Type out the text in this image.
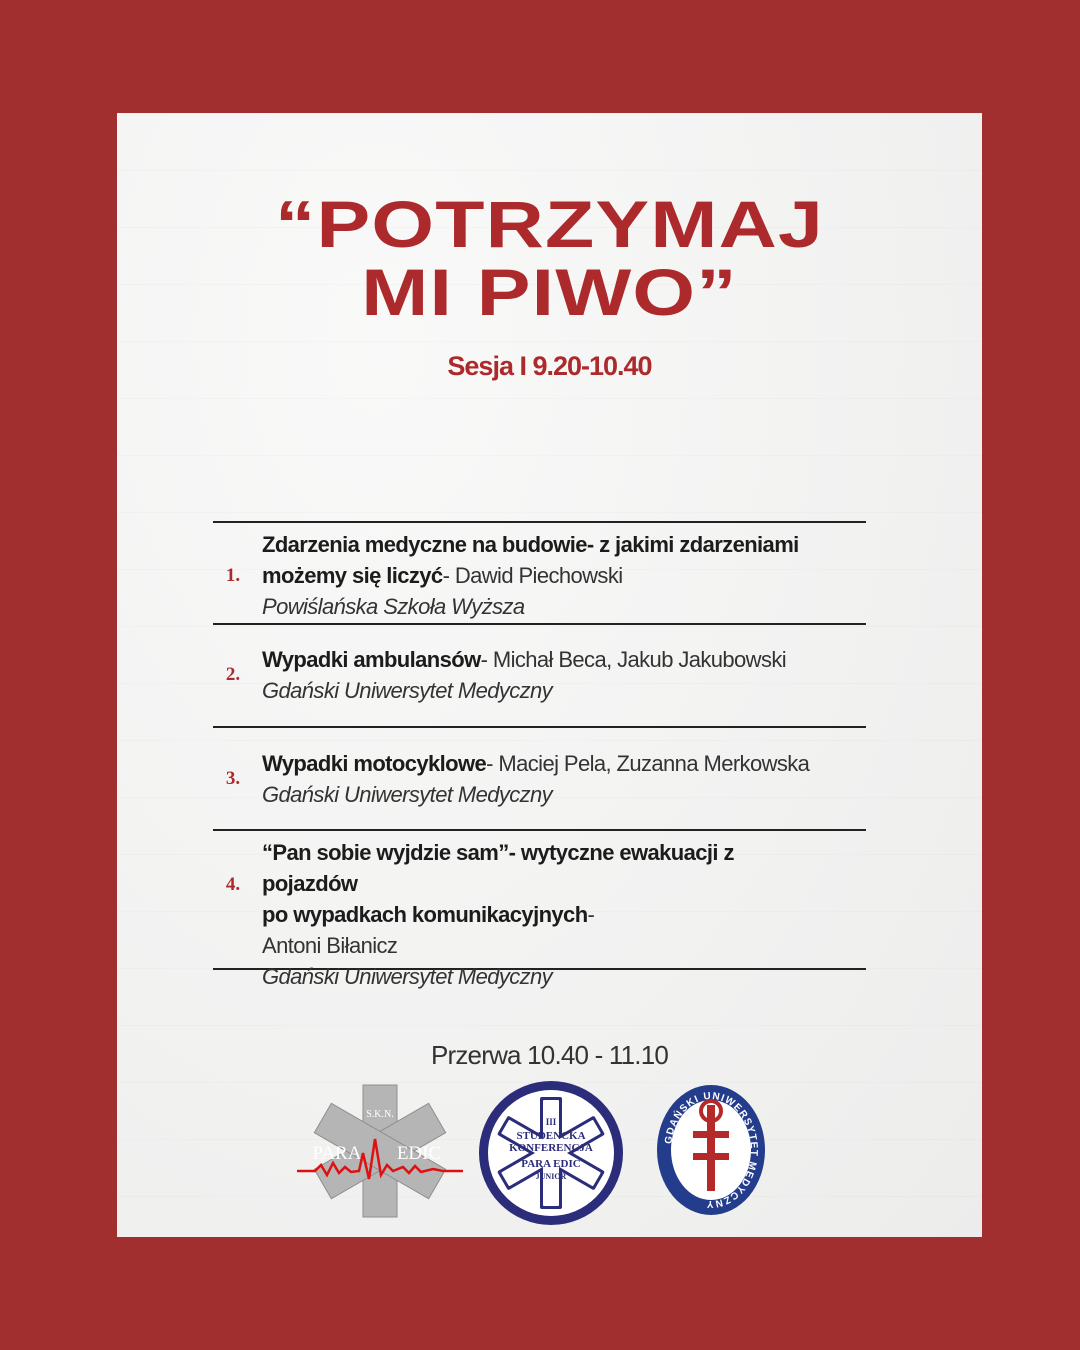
“POTRZYMAJ
MI PIWO”
Sesja I 9.20-10.40
1.
Zdarzenia medyczne na budowie- z jakimi zdarzeniami możemy się liczyć- Dawid Piechowski
Powiślańska Szkoła Wyższa
2.
Wypadki ambulansów- Michał Beca, Jakub Jakubowski
Gdański Uniwersytet Medyczny
3.
Wypadki motocyklowe- Maciej Pela, Zuzanna Merkowska
Gdański Uniwersytet Medyczny
4.
“Pan sobie wyjdzie sam”- wytyczne ewakuacji z pojazdów
po wypadkach komunikacyjnych-
Antoni Biłanicz
Gdański Uniwersytet Medyczny
Przerwa 10.40 - 11.10
S.K.N.
PARA EDIC
III
STUDENCKA
KONFERENCJA
PARA EDIC
JUNIOR
GDAŃSKI UNIWERSYTET MEDYCZNY
